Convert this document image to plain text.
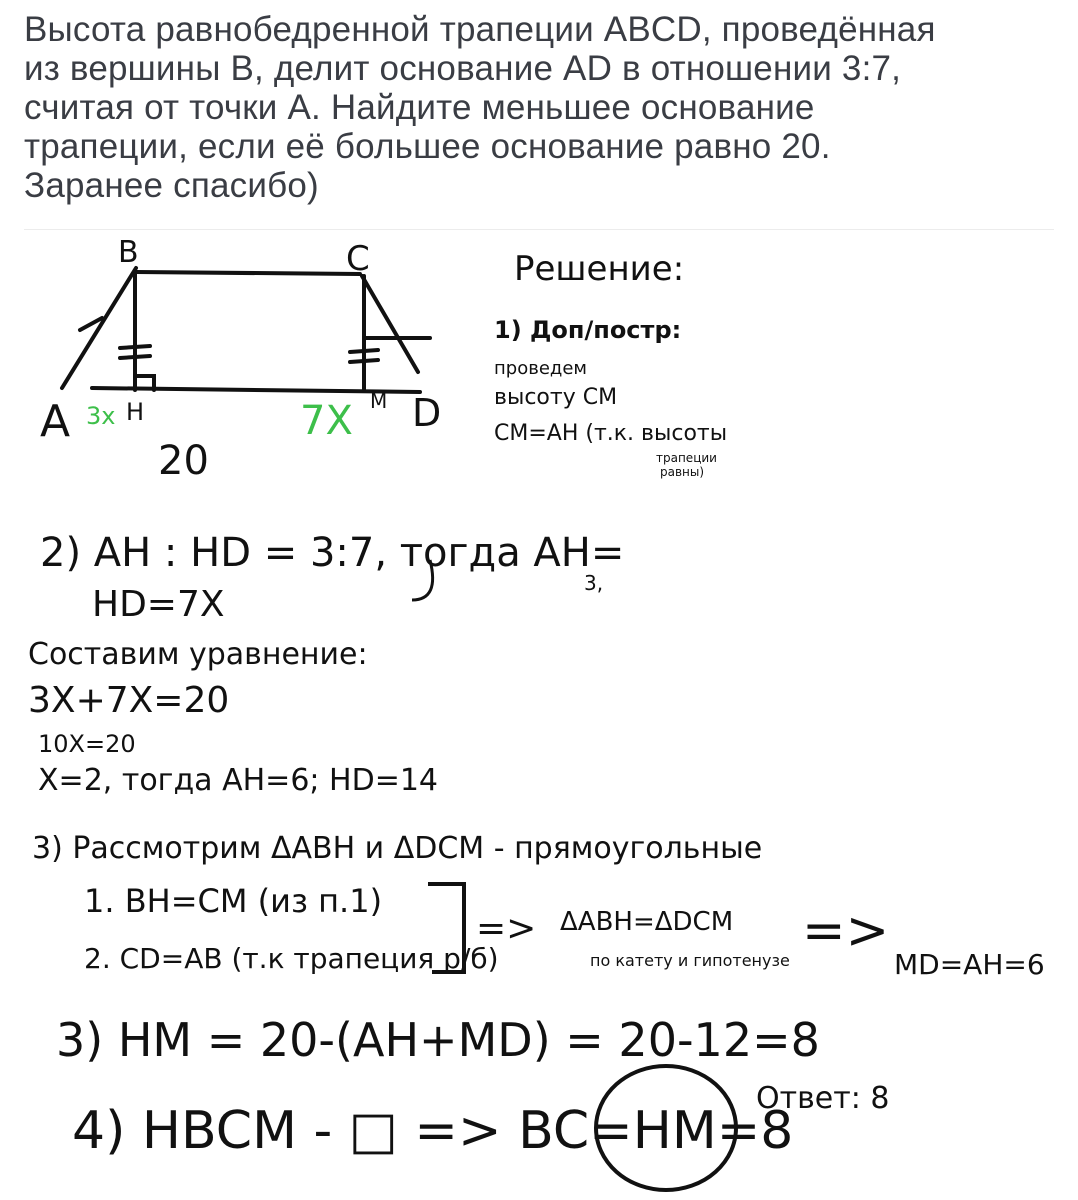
Высота равнобедренной трапеции ABCD, проведённая
из вершины B, делит основание AD в отношении 3:7,
считая от точки A. Найдите меньшее основание
трапеции, если её большее основание равно 20.
Заранее спасибо)
B	C
A	D
H	M
3x	7X
20
Решение:
1) Доп/постр:
проведем
высоту CM
CM=AH (т.к. высоты
трапеции
равны)
2) AH : HD = 3:7, тогда AH=
3,
HD=7X
Составим уравнение:
3X+7X=20
10X=20
X=2, тогда AH=6; HD=14
3) Рассмотрим ΔABH и ΔDCM - прямоугольные
1. BH=CM (из п.1)
2. CD=AB (т.к трапеция р/б)
=> ΔABH=ΔDCM
по катету и гипотенузе =>
MD=AH=6
3) HM = 20-(AH+MD) = 20-12=8
4) HBCM - □ => BC=HM=8
Ответ: 8
